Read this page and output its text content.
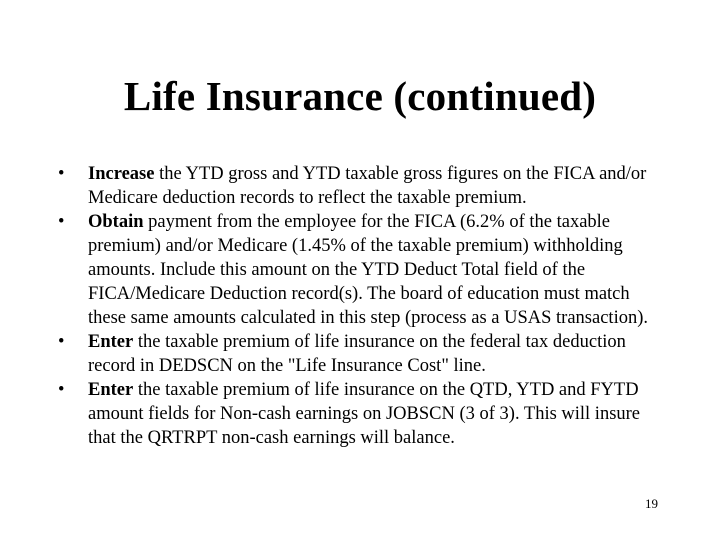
Life Insurance (continued)
•	Increase the YTD gross and YTD taxable gross figures on the FICA and/or Medicare deduction records to reflect the taxable premium.
•	Obtain payment from the employee for the FICA (6.2% of the taxable premium) and/or Medicare (1.45% of the taxable premium) withholding amounts. Include this amount on the YTD Deduct Total field of the FICA/Medicare Deduction record(s). The board of education must match these same amounts calculated in this step (process as a USAS transaction).
•	Enter the taxable premium of life insurance on the federal tax deduction record in DEDSCN on the "Life Insurance Cost" line.
•	Enter the taxable premium of life insurance on the QTD, YTD and FYTD amount fields for Non-cash earnings on JOBSCN (3 of 3). This will insure that the QRTRPT non-cash earnings will balance.
19
